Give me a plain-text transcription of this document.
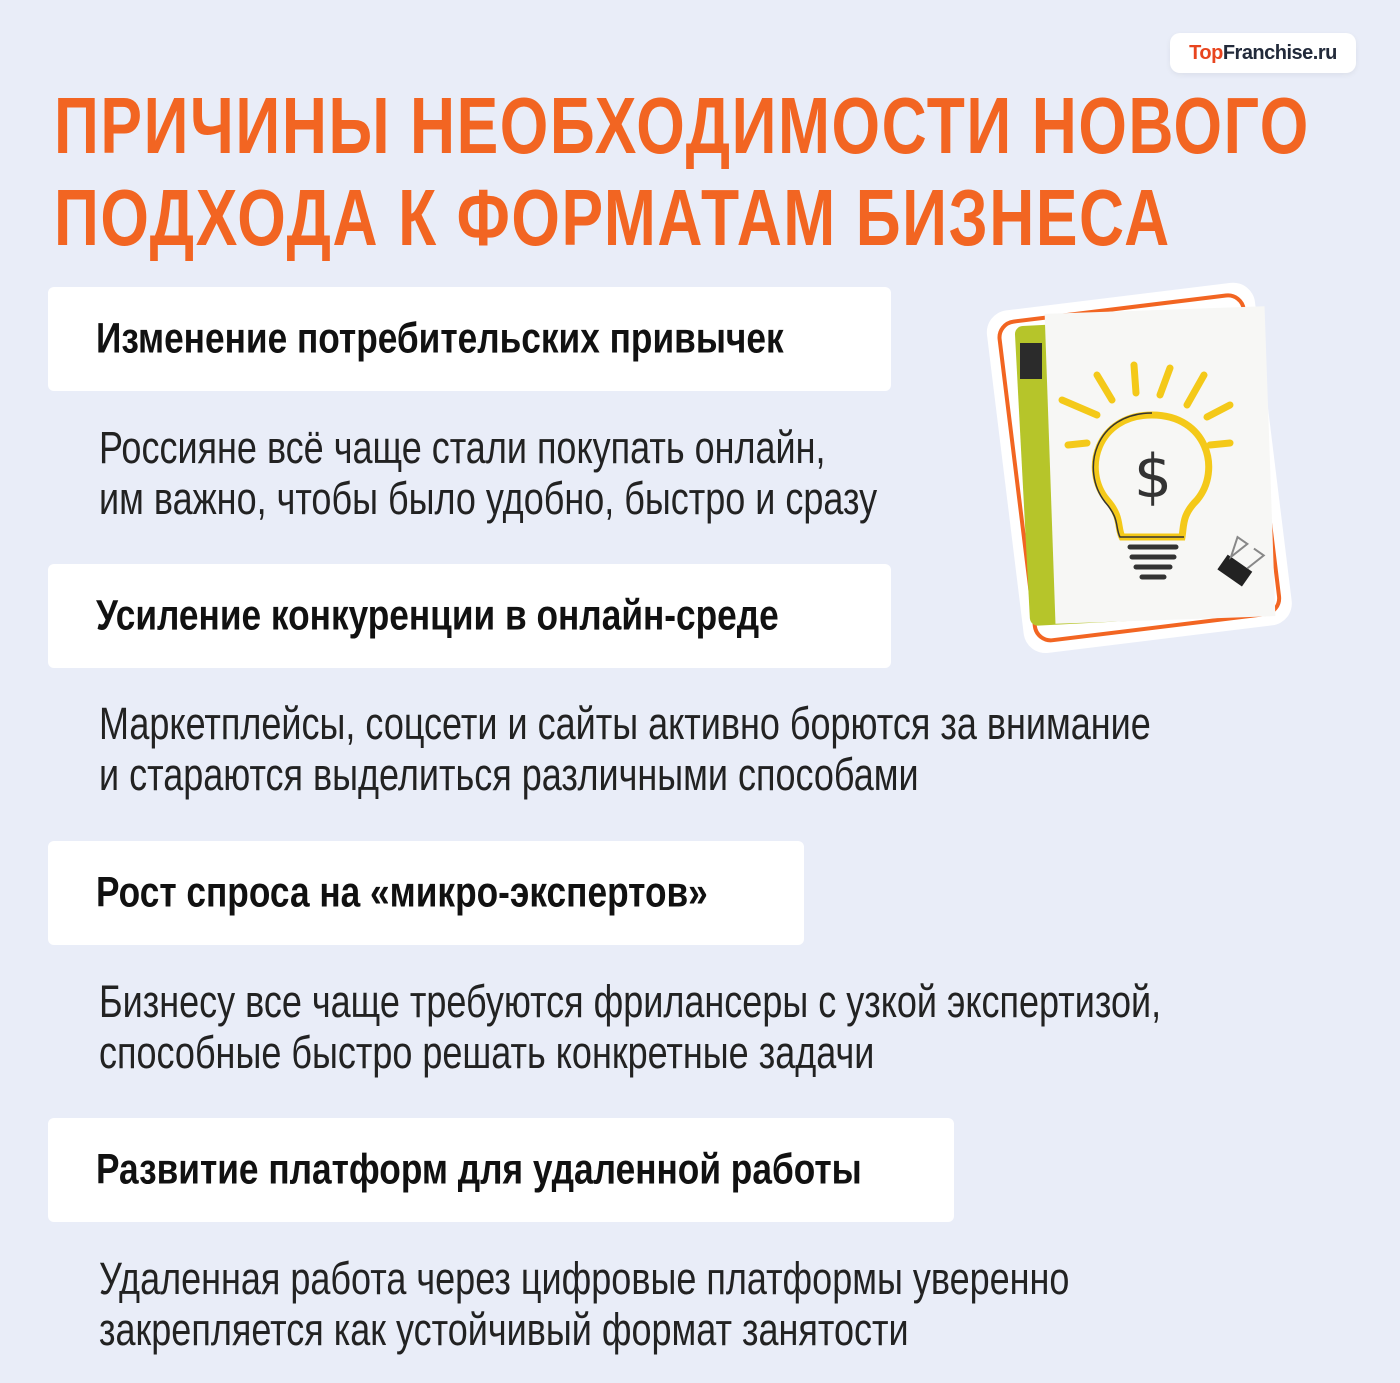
Top Franchise.ru
ПРИЧИНЫ НЕОБХОДИМОСТИ НОВОГО
ПОДХОДА К ФОРМАТАМ БИЗНЕСА
Изменение потребительских привычек
Россияне всё чаще стали покупать онлайн,
им важно, чтобы было удобно, быстро и сразу
Усиление конкуренции в онлайн-среде
Маркетплейсы, соцсети и сайты активно борются за внимание
и стараются выделиться различными способами
Рост спроса на «микро-экспертов»
Бизнесу все чаще требуются фрилансеры с узкой экспертизой,
способные быстро решать конкретные задачи
Развитие платформ для удаленной работы
Удаленная работа через цифровые платформы уверенно
закрепляется как устойчивый формат занятости
$
